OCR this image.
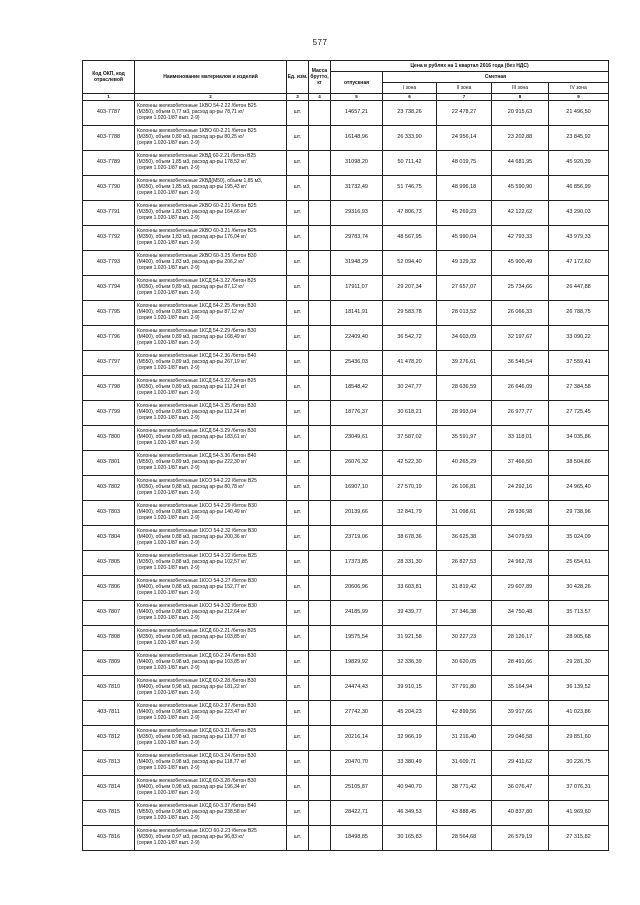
577
Код ОКП, код отраслевой	Наименование материалов и изделий	Ед. изм.	Масса брутто, кг	Цена в рублях на 1 квартал 2016 года (без НДС)				
				отпускная	Сметная			
					I зона	II зона	III зона	IV зона
1	2	3	4	5	6	7	8	9
403-7787	Колонны железобетонные 1КВО 54-2.22 /бетон В25
(М350), объем 0,77 м3, расход ар-ры 78,71 кг/
(серия 1.020-1/87 вып. 2-9)	шт.		14657,21	23 738,26	22 478,27	20 915,63	21 496,50
403-7788	Колонны железобетонные 1КВО 60-2.21 /бетон В25
(М350), объем 0,80 м3, расход ар-ры 80,25 кг/
(серия 1.020-1/87 вып. 2-9)	шт.		16148,96	26 333,90	24 956,14	23 202,88	23 845,92
403-7789	Колонны железобетонные 2КВД 60-2.21 /бетон В25
(М350), объем 1,85 м3, расход ар-ры 178,52 кг/
(серия 1.020-1/87 вып. 2-9)	шт.		31098,20	50 711,42	48 019,75	44 681,95	45 920,39
403-7790	Колонны железобетонные 2КВД(М50), объем 1,85 м3,
(М350), объем 1,85 м3, расход ар-ры 195,43 кг/
(серия 1.020-1/87 вып. 2-9)	шт.		31732,49	51 746,75	48 996,18	45 590,90	46 856,99
403-7791	Колонны железобетонные 2КВО 60-2.21 /бетон В25
(М350), объем 1,83 м3, расход ар-ры 164,66 кг/
(серия 1.020-1/87 вып. 2-9)	шт.		29316,93	47 806,73	45 269,23	42 122,62	43 290,03
403-7792	Колонны железобетонные 2КВО 60-3.21 /бетон В25
(М350), объем 1,83 м3, расход ар-ры 176,04 кг/
(серия 1.020-1/87 вып. 2-9)	шт.		29783,74	48 567,95	45 990,04	42 793,33	43 979,33
403-7793	Колонны железобетонные 2КВО 60-3.25 /бетон В30
(М400), объем 1,83 м3, расход ар-ры 206,2 кг/
(серия 1.020-1/87 вып. 2-9)	шт.		31948,29	52 094,40	49 329,32	45 900,49	47 172,60
403-7794	Колонны железобетонные 1КСД 54-3.22 /бетон В25
(М350), объем 0,89 м3, расход ар-ры 87,12 кг/
(серия 1.020-1/87 вып. 2-9)	шт.		17911,07	29 207,34	27 657,07	25 734,66	26 447,88
403-7795	Колонны железобетонные 1КСД 54-2.25 /бетон В30
(М400), объем 0,89 м3, расход ар-ры 87,12 кг/
(серия 1.020-1/87 вып. 2-9)	шт.		18141,91	29 583,78	28 013,52	26 066,33	26 788,75
403-7796	Колонны железобетонные 1КСД 54-2.29 /бетон В30
(М400), объем 0,89 м3, расход ар-ры 168,49 кг/
(серия 1.020-1/87 вып. 2-9)	шт.		22409,40	36 542,72	34 603,09	32 197,67	33 090,22
403-7797	Колонны железобетонные 1КСД 54-2.36 /бетон В40
(М550), объем 0,89 м3, расход ар-ры 267,19 кг/
(серия 1.020-1/87 вып. 2-9)	шт.		25436,03	41 478,20	39 276,61	36 546,54	37 559,41
403-7798	Колонны железобетонные 1КСД 54-3.22 /бетон В25
(М350), объем 0,89 м3, расход ар-ры 112,24 кг/
(серия 1.020-1/87 вып. 2-9)	шт.		18548,42	30 247,77	28 636,59	26 646,09	27 384,58
403-7799	Колонны железобетонные 1КСД 54-3.25 /бетон В30
(М400), объем 0,89 м3, расход ар-ры 112,24 кг/
(серия 1.020-1/87 вып. 2-9)	шт.		18776,37	30 618,21	28 993,04	26 977,77	27 725,45
403-7800	Колонны железобетонные 1КСД 54-3.29 /бетон В30
(М400), объем 0,89 м3, расход ар-ры 183,61 кг/
(серия 1.020-1/87 вып. 2-9)	шт.		23049,61	37 587,02	35 591,97	33 118,01	34 035,86
403-7801	Колонны железобетонные 1КСД 54-3.36 /бетон В40
(М550), объем 0,89 м3, расход ар-ры 222,30 кг/
(серия 1.020-1/87 вып. 2-9)	шт.		26076,32	42 522,30	40 265,29	37 466,50	38 504,86
403-7802	Колонны железобетонные 1КСО 54-2.22 /бетон В25
(М350), объем 0,88 м3, расход ар-ры 80,78 кг/
(серия 1.020-1/87 вып. 2-9)	шт.		16907,10	27 570,19	26 106,81	24 292,16	24 965,40
403-7803	Колонны железобетонные 1КСО 54-2.29 /бетон В30
(М400), объем 0,88 м3, расход ар-ры 140,49 кг/
(серия 1.020-1/87 вып. 2-9)	шт.		20139,66	32 841,79	31 098,61	28 936,98	29 738,96
403-7804	Колонны железобетонные 1КСО 54-2.32 /бетон В30
(М400), объем 0,88 м3, расход ар-ры 200,36 кг/
(серия 1.020-1/87 вып. 2-9)	шт.		23719,06	38 678,36	36 625,38	34 079,59	35 024,09
403-7805	Колонны железобетонные 1КСО 54-3.22 /бетон В25
(М350), объем 0,88 м3, расход ар-ры 102,57 кг/
(серия 1.020-1/87 вып. 2-9)	шт.		17373,85	28 331,30	26 827,53	24 962,78	25 654,61
403-7806	Колонны железобетонные 1КСО 54-3.27 /бетон В30
(М400), объем 0,88 м3, расход ар-ры 152,77 кг/
(серия 1.020-1/87 вып. 2-9)	шт.		20606,96	33 603,81	31 819,42	29 607,89	30 428,26
403-7807	Колонны железобетонные 1КСО 54-3.32 /бетон В30
(М400), объем 0,88 м3, расход ар-ры 212,64 кг/
(серия 1.020-1/87 вып. 2-9)	шт.		24185,99	39 439,77	37 346,38	34 750,48	35 713,57
403-7808	Колонны железобетонные 1КСД 60-2.21 /бетон В25
(М350), объем 0,98 м3, расход ар-ры 103,85 кг/
(серия 1.020-1/87 вып. 2-9)	шт.		19575,54	31 921,58	30 227,23	28 126,17	28 905,68
403-7809	Колонны железобетонные 1КСД 60-2.24 /бетон В30
(М400), объем 0,98 м3, расход ар-ры 103,85 кг/
(серия 1.020-1/87 вып. 2-9)	шт.		19829,92	32 336,39	30 620,05	28 491,66	29 281,30
403-7810	Колонны железобетонные 1КСД 60-2.28 /бетон В30
(М400), объем 0,98 м3, расход ар-ры 181,22 кг/
(серия 1.020-1/87 вып. 2-9)	шт.		24474,43	39 910,15	37 791,80	35 164,94	36 139,52
403-7811	Колонны железобетонные 1КСД 60-2.37 /бетон В30
(М400), объем 0,98 м3, расход ар-ры 223,47 кг/
(серия 1.020-1/87 вып. 2-9)	шт.		27742,30	45 204,23	42 899,56	39 917,66	41 023,86
403-7812	Колонны железобетонные 1КСД 60-3.21 /бетон В25
(М350), объем 0,98 м3, расход ар-ры 118,77 кг/
(серия 1.020-1/87 вып. 2-9)	шт.		20216,14	32 966,19	31 216,40	29 046,58	29 851,60
403-7813	Колонны железобетонные 1КСД 60-3.24 /бетон В30
(М400), объем 0,98 м3, расход ар-ры 118,77 кг/
(серия 1.020-1/87 вып. 2-9)	шт.		20470,70	33 380,49	31 609,71	29 411,62	30 226,75
403-7814	Колонны железобетонные 1КСД 60-3.28 /бетон В30
(М400), объем 0,98 м3, расход ар-ры 196,34 кг/
(серия 1.020-1/87 вып. 2-9)	шт.		25105,87	40 940,70	38 771,42	36 076,47	37 076,31
403-7815	Колонны железобетонные 1КСД 60-3.37 /бетон В40
(М550), объем 0,98 м3, расход ар-ры 238,58 кг/
(серия 1.020-1/87 вып. 2-9)	шт.		28422,71	46 349,53	43 888,45	40 837,80	41 969,60
403-7816	Колонны железобетонные 1КСО 60-2.21 /бетон В25
(М350), объем 0,97 м3, расход ар-ры 96,83 кг/
(серия 1.020-1/87 вып. 2-9)	шт.		18498,85	30 165,83	28 564,68	26 579,19	27 315,82
